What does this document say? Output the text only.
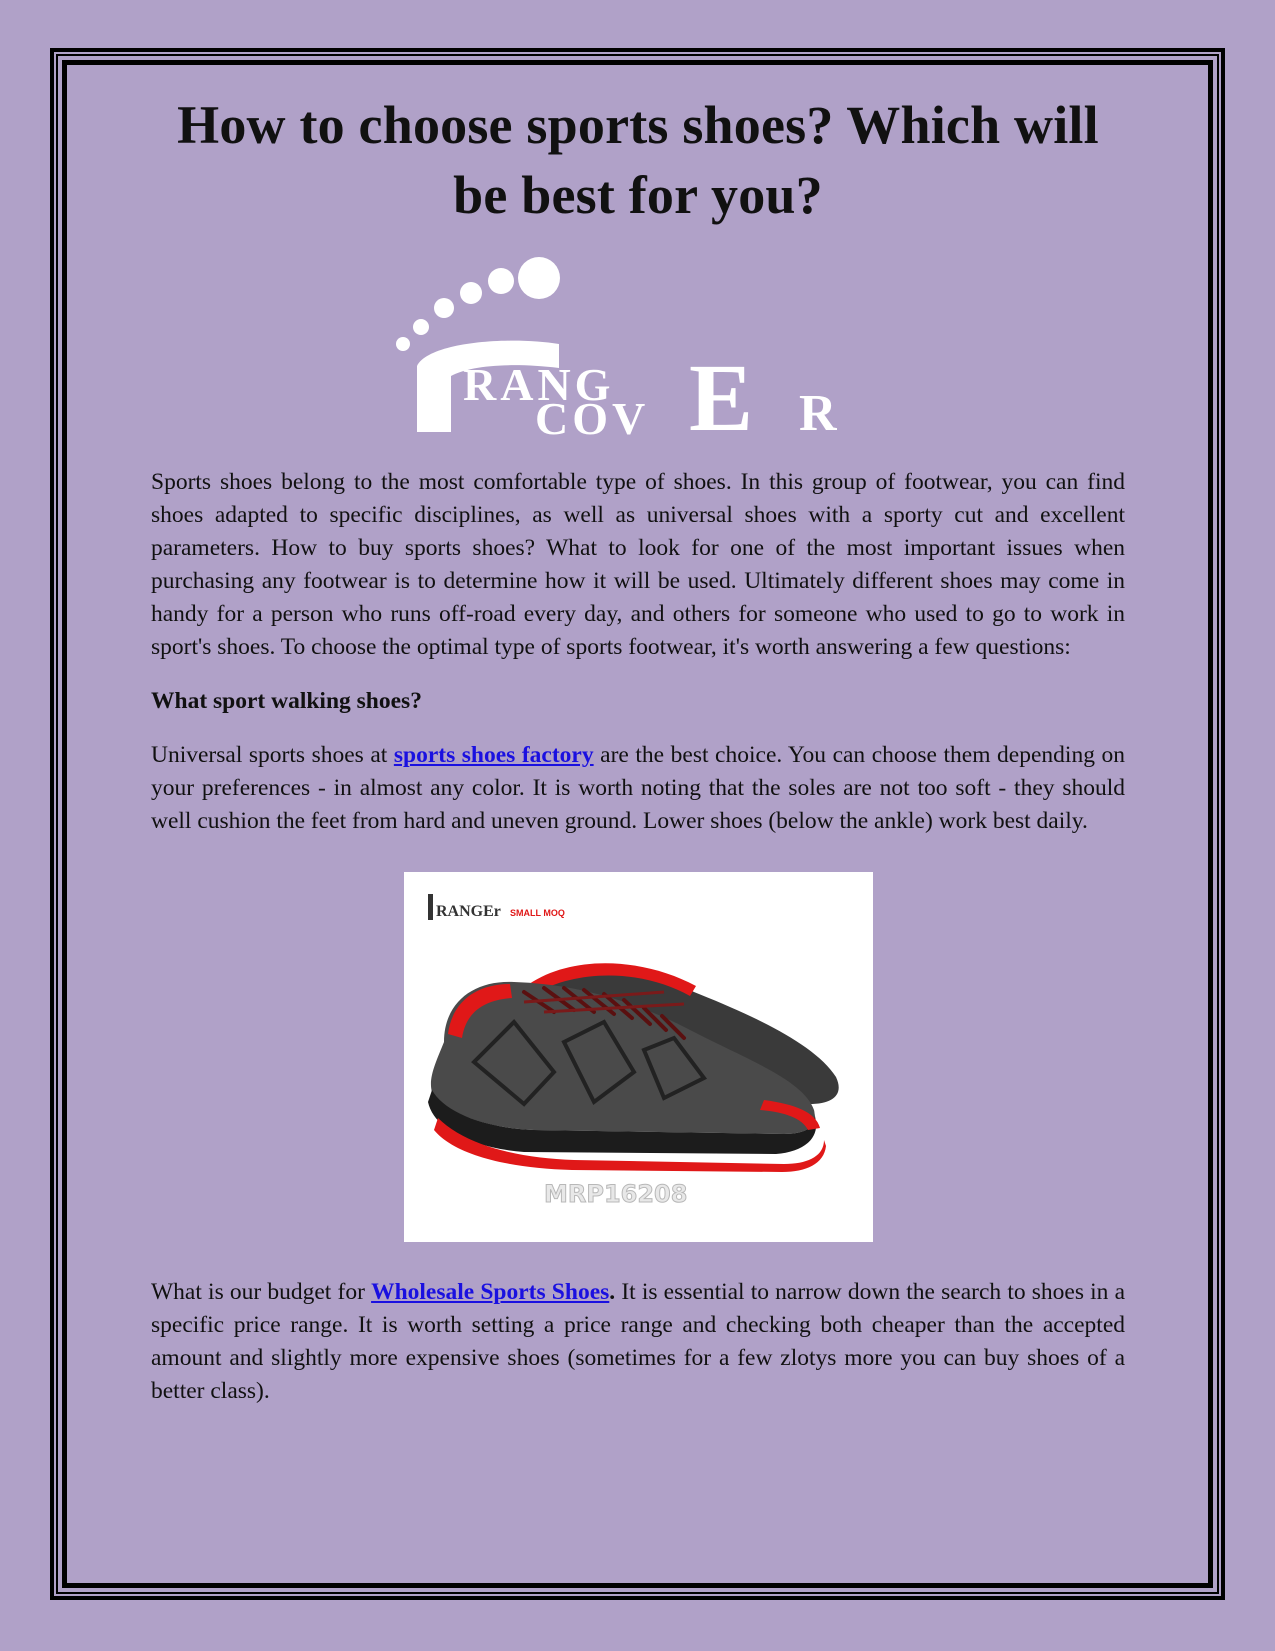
How to choose sports shoes? Which will be best for you?
RANG
COV E R

Sports shoes belong to the most comfortable type of shoes. In this group of footwear, you can find shoes adapted to specific disciplines, as well as universal shoes with a sporty cut and excellent parameters. How to buy sports shoes? What to look for one of the most important issues when purchasing any footwear is to determine how it will be used. Ultimately different shoes may come in handy for a person who runs off-road every day, and others for someone who used to go to work in sport's shoes. To choose the optimal type of sports footwear, it's worth answering a few questions:

What sport walking shoes?

Universal sports shoes at sports shoes factory are the best choice. You can choose them depending on your preferences - in almost any color. It is worth noting that the soles are not too soft - they should well cushion the feet from hard and uneven ground. Lower shoes (below the ankle) work best daily.

RANGEr SMALL MOQ
MRP16208

What is our budget for Wholesale Sports Shoes. It is essential to narrow down the search to shoes in a specific price range. It is worth setting a price range and checking both cheaper than the accepted amount and slightly more expensive shoes (sometimes for a few zlotys more you can buy shoes of a better class).
